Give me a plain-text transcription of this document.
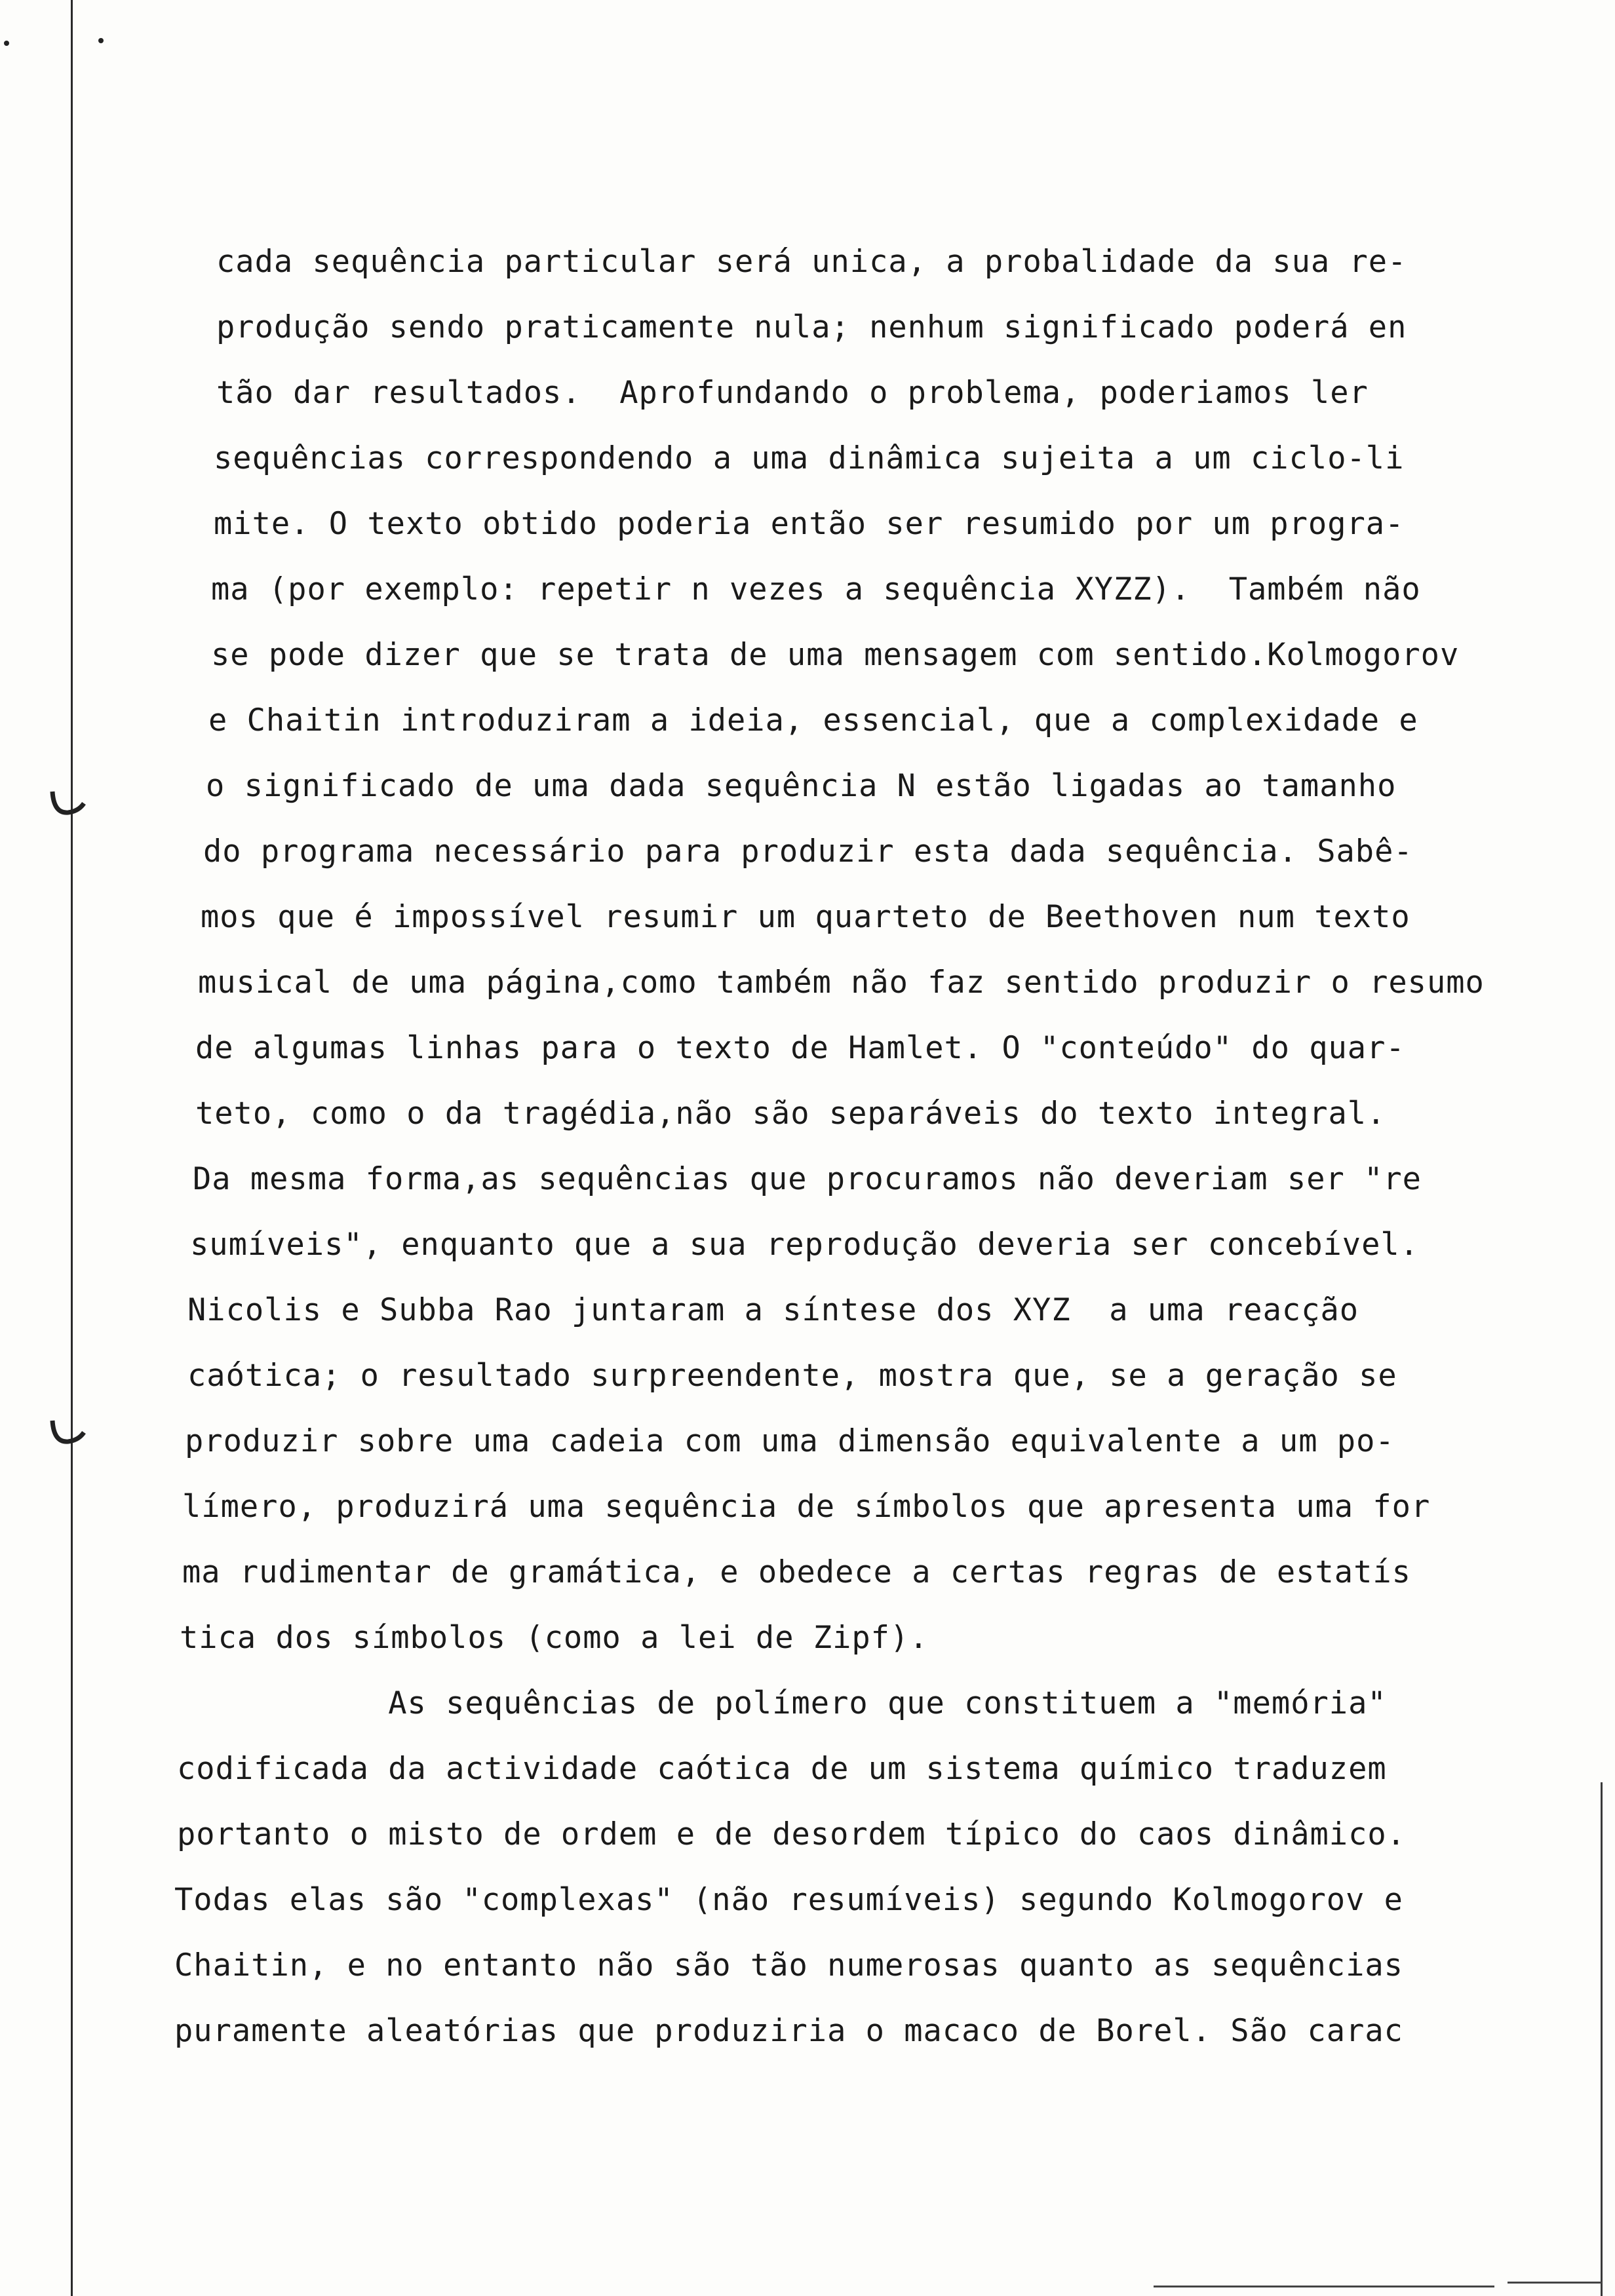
cada sequência particular será unica, a probalidade da sua re-
produção sendo praticamente nula; nenhum significado poderá en
tão dar resultados.  Aprofundando o problema, poderiamos ler
sequências correspondendo a uma dinâmica sujeita a um ciclo-li
mite. O texto obtido poderia então ser resumido por um progra-
ma (por exemplo: repetir n vezes a sequência XYZZ).  Também não
se pode dizer que se trata de uma mensagem com sentido.Kolmogorov
e Chaitin introduziram a ideia, essencial, que a complexidade e
o significado de uma dada sequência N estão ligadas ao tamanho
do programa necessário para produzir esta dada sequência. Sabê-
mos que é impossível resumir um quarteto de Beethoven num texto
musical de uma página,como também não faz sentido produzir o resumo
de algumas linhas para o texto de Hamlet. O "conteúdo" do quar-
teto, como o da tragédia,não são separáveis do texto integral.
Da mesma forma,as sequências que procuramos não deveriam ser "re
sumíveis", enquanto que a sua reprodução deveria ser concebível.
Nicolis e Subba Rao juntaram a síntese dos XYZ  a uma reacção
caótica; o resultado surpreendente, mostra que, se a geração se
produzir sobre uma cadeia com uma dimensão equivalente a um po-
límero, produzirá uma sequência de símbolos que apresenta uma for
ma rudimentar de gramática, e obedece a certas regras de estatís
tica dos símbolos (como a lei de Zipf).
As sequências de polímero que constituem a "memória"
codificada da actividade caótica de um sistema químico traduzem
portanto o misto de ordem e de desordem típico do caos dinâmico.
Todas elas são "complexas" (não resumíveis) segundo Kolmogorov e
Chaitin, e no entanto não são tão numerosas quanto as sequências
puramente aleatórias que produziria o macaco de Borel. São carac
